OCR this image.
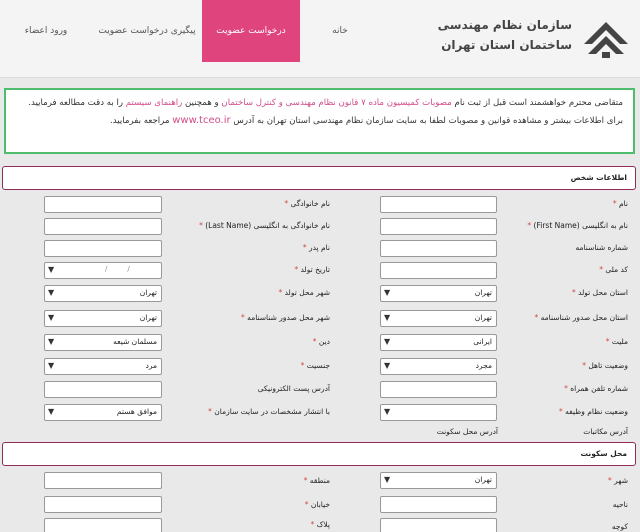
سازمان نظام مهندسی
ساختمان استان تهران
خانه
درخواست عضویت
پیگیری درخواست عضویت
ورود اعضاء
متقاضی محترم خواهشمند است قبل از ثبت نام مصوبات کمیسیون ماده ۷ قانون نظام مهندسی و کنترل ساختمان و همچنین راهنمای سیستم را به دقت مطالعه فرمایید. برای اطلاعات بیشتر و مشاهده قوانین و مصوبات لطفا به سایت سازمان نظام مهندسی استان تهران به آدرس www.tceo.ir مراجعه بفرمایید.
اطلاعات شخص
نام *
نام خانوادگی *
نام به انگلیسی (First Name) *
نام خانوادگی به انگلیسی (Last Name) *
شماره شناسنامه
نام پدر *
کد ملی *
تاریخ تولد *
//
▼
استان محل تولد *
تهران
▼
شهر محل تولد *
تهران
▼
استان محل صدور شناسنامه *
تهران
▼
شهر محل صدور شناسنامه *
تهران
▼
ملیت *
ایرانی
▼
دین *
مسلمان شیعه
▼
وضعیت تاهل *
مجرد
▼
جنسیت *
مرد
▼
شماره تلفن همراه *
آدرس پست الکترونیکی
وضعیت نظام وظیفه *
▼
با انتشار مشخصات در سایت سازمان *
موافق هستم
▼
آدرس مکاتبات
آدرس محل سکونت
محل سکونت
شهر *
تهران
▼
منطقه *
ناحیه
خیابان *
کوچه
پلاک *
